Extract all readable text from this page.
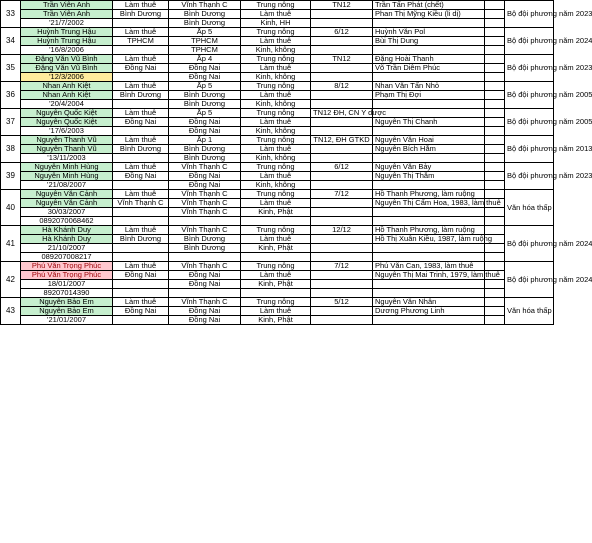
33	Trần Viễn Anh	Làm thuê	Vĩnh Thạnh C	Trung nông	TN12	Trần Tấn Phát (chết)		Bộ đội phương năm 2023
	Trần Viễn Anh	Bình Dương	Bình Dương	Làm thuê		Phan Thị Mỹng Kiều (li dị)		
	'21/7/2002		Bình Dương	Kinh, HH				
34	Huỳnh Trung Hậu	Làm thuê	Ấp 5	Trung nông	6/12	Huỳnh Văn Pol		Bộ đội phương năm 2024
	Huỳnh Trung Hậu	TPHCM	TPHCM	Làm thuê		Bùi Thị Dung		
	'16/8/2006		TPHCM	Kinh, không				
35	Đặng Văn Vũ Bình	Làm thuê	Ấp 4	Trung nông	TN12	Đặng Hoài Thanh		Bộ đội phương năm 2023
	Đặng Văn Vũ Bình	Đồng Nai	Đồng Nai	Làm thuê		Võ Trần Diễm Phúc		
	'12/3/2006		Đồng Nai	Kinh, không				
36	Nhan Anh Kiệt	Làm thuê	Ấp 5	Trung nông	8/12	Nhan Văn Tấn Nhỏ		Bộ đội phương năm 2005
	Nhan Anh Kiệt	Bình Dương	Bình Dương	Làm thuê		Phạm Thị Đợi		
	'20/4/2004		Bình Dương	Kinh, không				
37	Nguyễn Quốc Kiệt	Làm thuê	Ấp 5	Trung nông	TN12 ĐH, CN Y dược			Bộ đội phương năm 2005
	Nguyễn Quốc Kiệt	Đồng Nai	Đồng Nai	Làm thuê		Nguyễn Thị Chanh		
	'17/6/2003		Đồng Nai	Kinh, không				
38	Nguyễn Thanh Vũ	Làm thuê	Ấp 1	Trung nông	TN12, ĐH GTKD	Nguyễn Văn Hoai		Bộ đội phương năm 2013
	Nguyễn Thanh Vũ	Bình Dương	Bình Dương	Làm thuê		Nguyễn Bích Hằm		
	'13/11/2003		Bình Dương	Kinh, không				
39	Nguyễn Minh Hùng	Làm thuê	Vĩnh Thạnh C	Trung nông	6/12	Nguyễn Văn Bảy		Bộ đội phương năm 2023
	Nguyễn Minh Hùng	Đồng Nai	Đồng Nai	Làm thuê		Nguyễn Thị Thắm		
	'21/08/2007		Đồng Nai	Kinh, không				
40	Nguyễn Văn Cảnh	Làm thuê	Vĩnh Thạnh C	Trung nông	7/12	Hồ Thanh Phương, làm ruộng		Văn hóa thấp
	Nguyễn Văn Cảnh	Vĩnh Thạnh C	Vĩnh Thạnh C	Làm thuê		Nguyễn Thị Cẩm Hoa, 1983, làm thuê		
	30/03/2007		Vĩnh Thạnh C	Kinh, Phật				
	0892070068462							
41	Hà Khánh Duy	Làm thuê	Vĩnh Thạnh C	Trung nông	12/12	Hồ Thanh Phương, làm ruộng		Bộ đội phương năm 2024
	Hà Khánh Duy	Bình Dương	Bình Dương	Làm thuê		Hồ Thị Xuân Kiều, 1987, làm ruộng		
	21/10/2007		Bình Dương	Kinh, Phật				
	089207008217							
42	Phú Văn Trọng Phúc	Làm thuê	Vĩnh Thạnh C	Trung nông	7/12	Phú Văn Can, 1983, làm thuê		Bộ đội phương năm 2024
	Phú Văn Trọng Phúc	Đồng Nai	Đồng Nai	Làm thuê		Nguyễn Thị Mai Trinh, 1979, làm thuê		
	18/01/2007		Đồng Nai	Kinh, Phật				
	89207014390							
43	Nguyễn Bảo Em	Làm thuê	Vĩnh Thạnh C	Trung nông	5/12	Nguyễn Văn Nhân		Văn hóa thấp
	Nguyễn Bảo Em	Đồng Nai	Đồng Nai	Làm thuê		Dương Phương Linh		
	'21/01/2007		Đồng Nai	Kinh, Phật				
